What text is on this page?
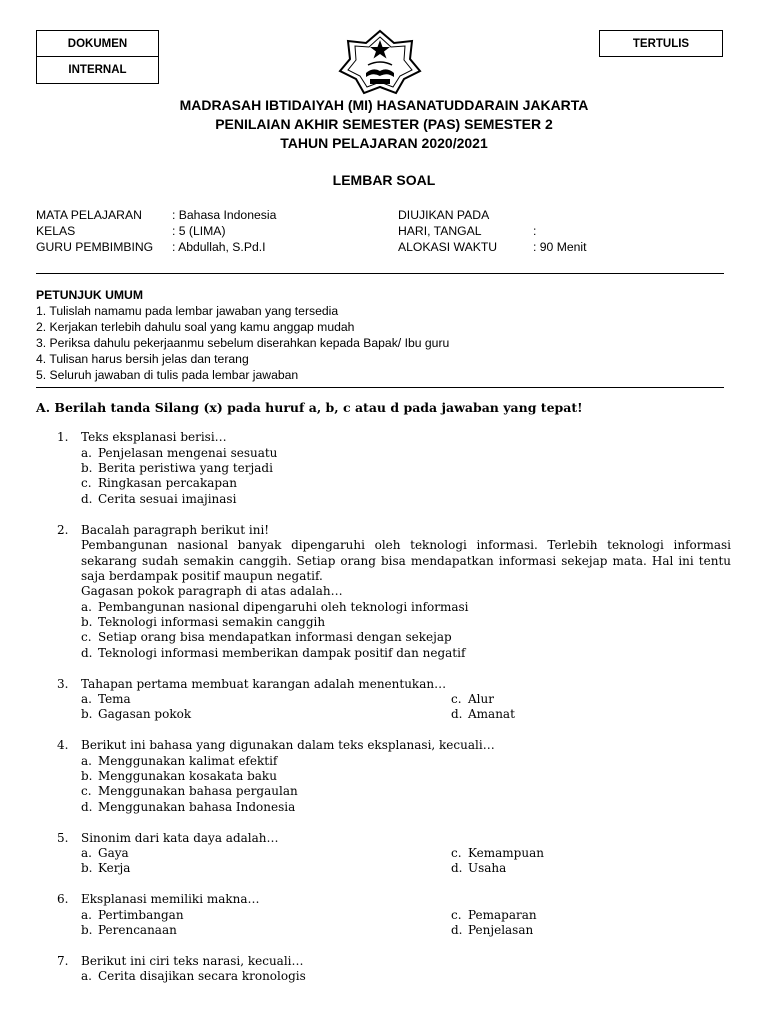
DOKUMEN
INTERNAL
TERTULIS
MADRASAH IBTIDAIYAH (MI) HASANATUDDARAIN JAKARTA
PENILAIAN AKHIR SEMESTER (PAS) SEMESTER 2
TAHUN PELAJARAN 2020/2021
LEMBAR SOAL
MATA PELAJARAN : Bahasa Indonesia
KELAS	: 5 (LIMA)
GURU PEMBIMBING : Abdullah, S.Pd.I
DIUJIKAN PADA
HARI, TANGAL	:
ALOKASI WAKTU	: 90 Menit
PETUNJUK UMUM
1. Tulislah namamu pada lembar jawaban yang tersedia
2. Kerjakan terlebih dahulu soal yang kamu anggap mudah
3. Periksa dahulu pekerjaanmu sebelum diserahkan kepada Bapak/ Ibu guru
4. Tulisan harus bersih jelas dan terang
5. Seluruh jawaban di tulis pada lembar jawaban
A. Berilah tanda Silang (x) pada huruf a, b, c atau d pada jawaban yang tepat!
1. Teks eksplanasi berisi…
a. Penjelasan mengenai sesuatu
b. Berita peristiwa yang terjadi
c. Ringkasan percakapan
d. Cerita sesuai imajinasi
2. Bacalah paragraph berikut ini!
Pembangunan nasional banyak dipengaruhi oleh teknologi informasi. Terlebih teknologi informasi sekarang sudah semakin canggih. Setiap orang bisa mendapatkan informasi sekejap mata. Hal ini tentu saja berdampak positif maupun negatif.
Gagasan pokok paragraph di atas adalah…
a. Pembangunan nasional dipengaruhi oleh teknologi informasi
b. Teknologi informasi semakin canggih
c. Setiap orang bisa mendapatkan informasi dengan sekejap
d. Teknologi informasi memberikan dampak positif dan negatif
3. Tahapan pertama membuat karangan adalah menentukan…
a. Tema	c. Alur
b. Gagasan pokok	d. Amanat
4. Berikut ini bahasa yang digunakan dalam teks eksplanasi, kecuali…
a. Menggunakan kalimat efektif
b. Menggunakan kosakata baku
c. Menggunakan bahasa pergaulan
d. Menggunakan bahasa Indonesia
5. Sinonim dari kata daya adalah…
a. Gaya	c. Kemampuan
b. Kerja	d. Usaha
6. Eksplanasi memiliki makna…
a. Pertimbangan	c. Pemaparan
b. Perencanaan	d. Penjelasan
7. Berikut ini ciri teks narasi, kecuali…
a. Cerita disajikan secara kronologis
